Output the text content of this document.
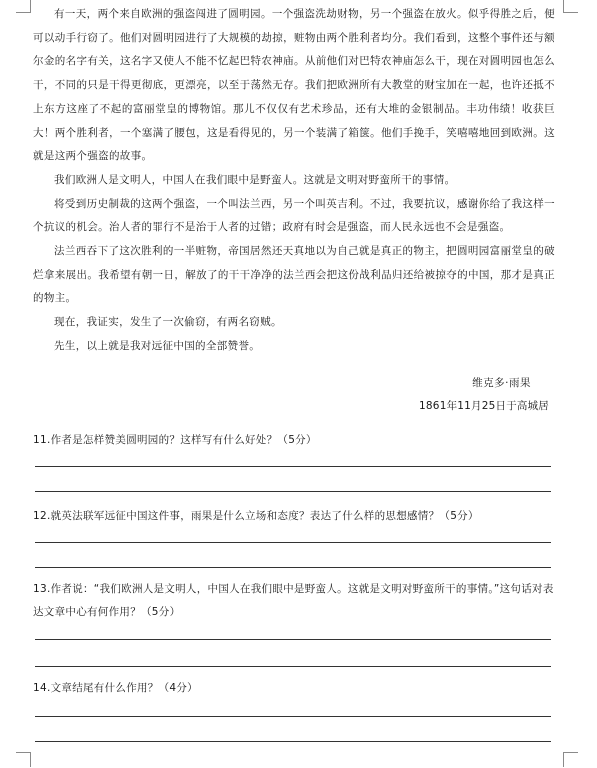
有一天，两个来自欧洲的强盗闯进了圆明园。一个强盗洗劫财物，另一个强盗在放火。似乎得胜之后，便可以动手行窃了。他们对圆明园进行了大规模的劫掠，赃物由两个胜利者均分。我们看到，这整个事件还与额尔金的名字有关，这名字又使人不能不忆起巴特农神庙。从前他们对巴特农神庙怎么干，现在对圆明园也怎么干，不同的只是干得更彻底，更漂亮，以至于荡然无存。我们把欧洲所有大教堂的财宝加在一起，也许还抵不上东方这座了不起的富丽堂皇的博物馆。那儿不仅仅有艺术珍品，还有大堆的金银制品。丰功伟绩！收获巨大！两个胜利者，一个塞满了腰包，这是看得见的，另一个装满了箱箧。他们手挽手，笑嘻嘻地回到欧洲。这就是这两个强盗的故事。

我们欧洲人是文明人，中国人在我们眼中是野蛮人。这就是文明对野蛮所干的事情。

将受到历史制裁的这两个强盗，一个叫法兰西，另一个叫英吉利。不过，我要抗议，感谢你给了我这样一个抗议的机会。治人者的罪行不是治于人者的过错；政府有时会是强盗，而人民永远也不会是强盗。

法兰西吞下了这次胜利的一半赃物，帝国居然还天真地以为自己就是真正的物主，把圆明园富丽堂皇的破烂拿来展出。我希望有朝一日，解放了的干干净净的法兰西会把这份战利品归还给被掠夺的中国，那才是真正的物主。

现在，我证实，发生了一次偷窃，有两名窃贼。

先生，以上就是我对远征中国的全部赞誉。

维克多·雨果

1861年11月25日于高城居

11.作者是怎样赞美圆明园的？这样写有什么好处？（5分）

12.就英法联军远征中国这件事，雨果是什么立场和态度？表达了什么样的思想感情？（5分）

13.作者说：“我们欧洲人是文明人，中国人在我们眼中是野蛮人。这就是文明对野蛮所干的事情。”这句话对表达文章中心有何作用？（5分）

14.文章结尾有什么作用？（4分）
